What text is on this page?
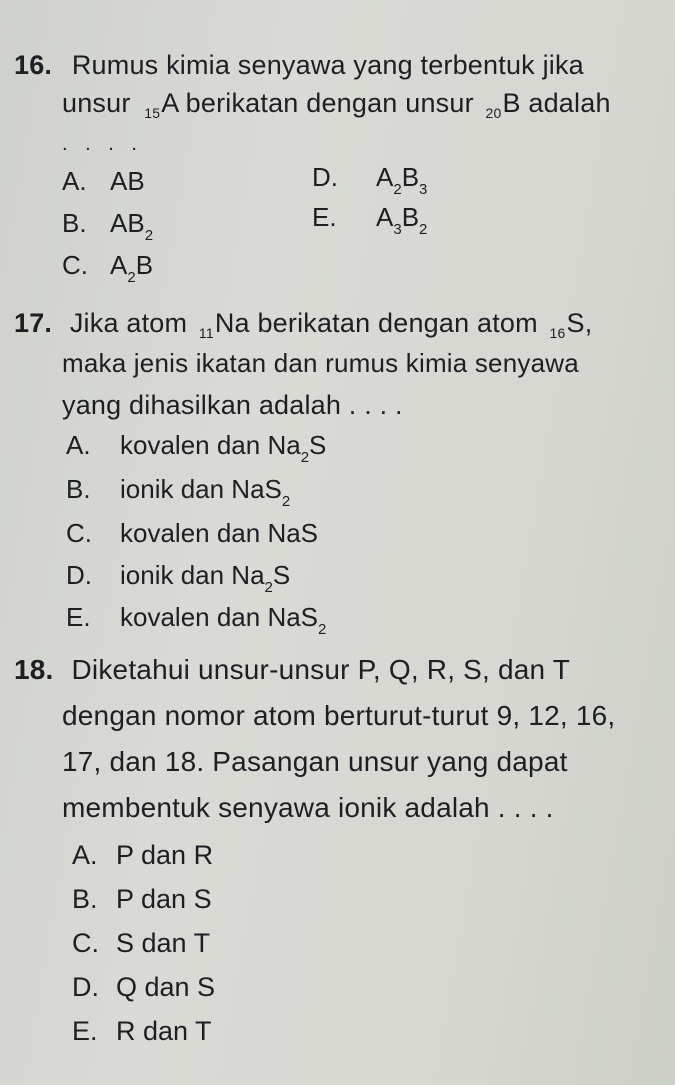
16. Rumus kimia senyawa yang terbentuk jika
unsur $_{15}$A berikatan dengan unsur $_{20}$B adalah
. . . .
A. AB
B. $AB_2$
C. $A_2B$
D. $A_2B_3$
E. $A_3B_2$
17. Jika atom $_{11}$Na berikatan dengan atom $_{16}$S,
maka jenis ikatan dan rumus kimia senyawa
yang dihasilkan adalah . . . .
A. kovalen dan $Na_2S$
B. ionik dan NaS$_2$
C. kovalen dan NaS
D. ionik dan $Na_2S$
E. kovalen dan NaS$_2$
18. Diketahui unsur-unsur P, Q, R, S, dan T
dengan nomor atom berturut-turut 9, 12, 16,
17, dan 18. Pasangan unsur yang dapat
membentuk senyawa ionik adalah . . . .
A. P dan R
B. P dan S
C. S dan T
D. Q dan S
E. R dan T
